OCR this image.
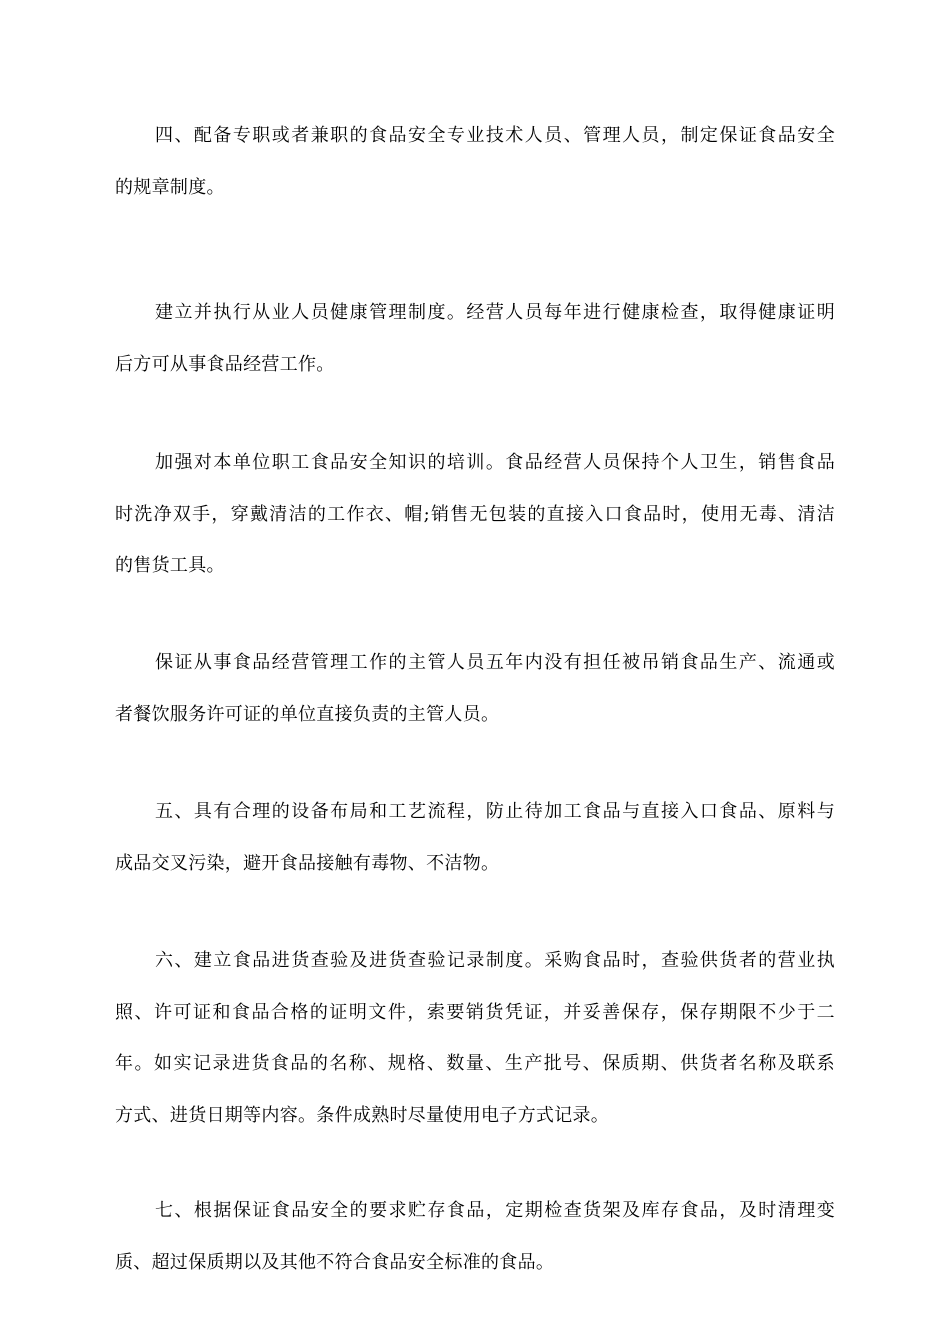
四、配备专职或者兼职的食品安全专业技术人员、管理人员，制定保证食品安全
的规章制度。
建立并执行从业人员健康管理制度。经营人员每年进行健康检查，取得健康证明
后方可从事食品经营工作。
加强对本单位职工食品安全知识的培训。食品经营人员保持个人卫生，销售食品
时洗净双手，穿戴清洁的工作衣、帽;销售无包装的直接入口食品时，使用无毒、清洁
的售货工具。
保证从事食品经营管理工作的主管人员五年内没有担任被吊销食品生产、流通或
者餐饮服务许可证的单位直接负责的主管人员。
五、具有合理的设备布局和工艺流程，防止待加工食品与直接入口食品、原料与
成品交叉污染，避开食品接触有毒物、不洁物。
六、建立食品进货查验及进货查验记录制度。采购食品时，查验供货者的营业执
照、许可证和食品合格的证明文件，索要销货凭证，并妥善保存，保存期限不少于二
年。如实记录进货食品的名称、规格、数量、生产批号、保质期、供货者名称及联系
方式、进货日期等内容。条件成熟时尽量使用电子方式记录。
七、根据保证食品安全的要求贮存食品，定期检查货架及库存食品，及时清理变
质、超过保质期以及其他不符合食品安全标准的食品。
